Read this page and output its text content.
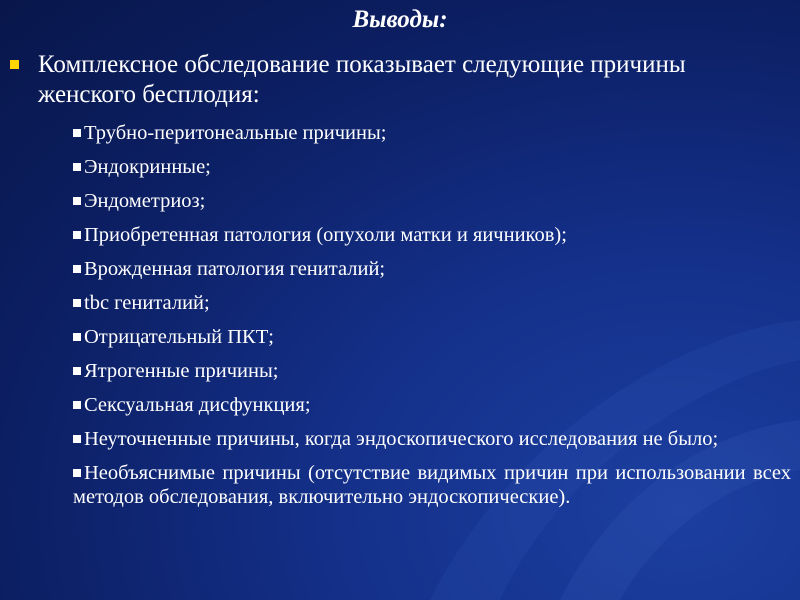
Выводы:
Комплексное обследование показывает следующие причины женского бесплодия:
Трубно-перитонеальные причины;
Эндокринные;
Эндометриоз;
Приобретенная патология (опухоли матки и яичников);
Врожденная патология гениталий;
tbc гениталий;
Отрицательный ПКТ;
Ятрогенные причины;
Сексуальная дисфункция;
Неуточненные причины, когда эндоскопического исследования не было;
Необъяснимые причины (отсутствие видимых причин при использовании всех методов обследования, включительно эндоскопические).
